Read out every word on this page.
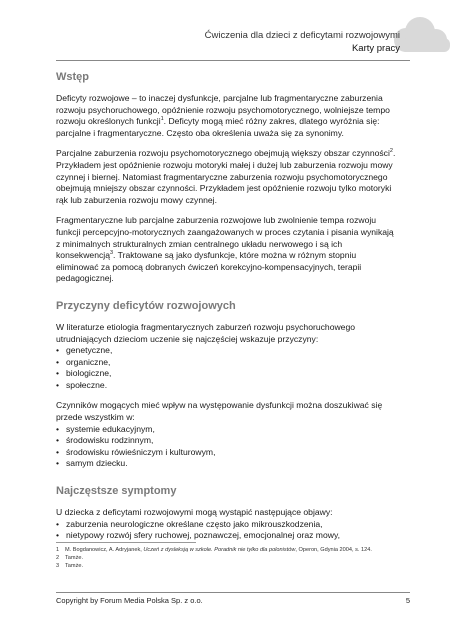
Ćwiczenia dla dzieci z deficytami rozwojowymi
Karty pracy
Wstęp

Deficyty rozwojowe – to inaczej dysfunkcje, parcjalne lub fragmentaryczne zaburzenia rozwoju psychoruchowego, opóźnienie rozwoju psychomotorycznego, wolniejsze tempo rozwoju określonych funkcji$^1$. Deficyty mogą mieć różny zakres, dlatego wyróżnia się: parcjalne i fragmentaryczne. Często oba określenia uważa się za synonimy.

Parcjalne zaburzenia rozwoju psychomotorycznego obejmują większy obszar czynności$^2$. Przykładem jest opóźnienie rozwoju motoryki małej i dużej lub zaburzenia rozwoju mowy czynnej i biernej. Natomiast fragmentaryczne zaburzenia rozwoju psychomotorycznego obejmują mniejszy obszar czynności. Przykładem jest opóźnienie rozwoju tylko motoryki rąk lub zaburzenia rozwoju mowy czynnej.

Fragmentaryczne lub parcjalne zaburzenia rozwojowe lub zwolnienie tempa rozwoju funkcji percepcyjno-motorycznych zaangażowanych w proces czytania i pisania wynikają z minimalnych strukturalnych zmian centralnego układu nerwowego i są ich konsekwencją$^3$. Traktowane są jako dysfunkcje, które można w różnym stopniu eliminować za pomocą dobranych ćwiczeń korekcyjno-kompensacyjnych, terapii pedagogicznej.

Przyczyny deficytów rozwojowych

W literaturze etiologia fragmentarycznych zaburzeń rozwoju psychoruchowego utrudniających dzieciom uczenie się najczęściej wskazuje przyczyny:

• genetyczne,
• organiczne,
• biologiczne,
• społeczne.

Czynników mogących mieć wpływ na występowanie dysfunkcji można doszukiwać się przede wszystkim w:

• systemie edukacyjnym,
• środowisku rodzinnym,
• środowisku rówieśniczym i kulturowym,
• samym dziecku.
Najczęstsze symptomy

U dziecka z deficytami rozwojowymi mogą wystąpić następujące objawy:

• zaburzenia neurologiczne określane często jako mikrouszkodzenia,
• nietypowy rozwój sfery ruchowej, poznawczej, emocjonalnej oraz mowy,
1 M. Bogdanowicz, A. Adryjanek, Uczeń z dysleksją w szkole. Poradnik nie tylko dla polonistów, Operon, Gdynia 2004, s. 124.
2 Tamże.
3 Tamże.
Copyright by Forum Media Polska Sp. z o.o.	5
